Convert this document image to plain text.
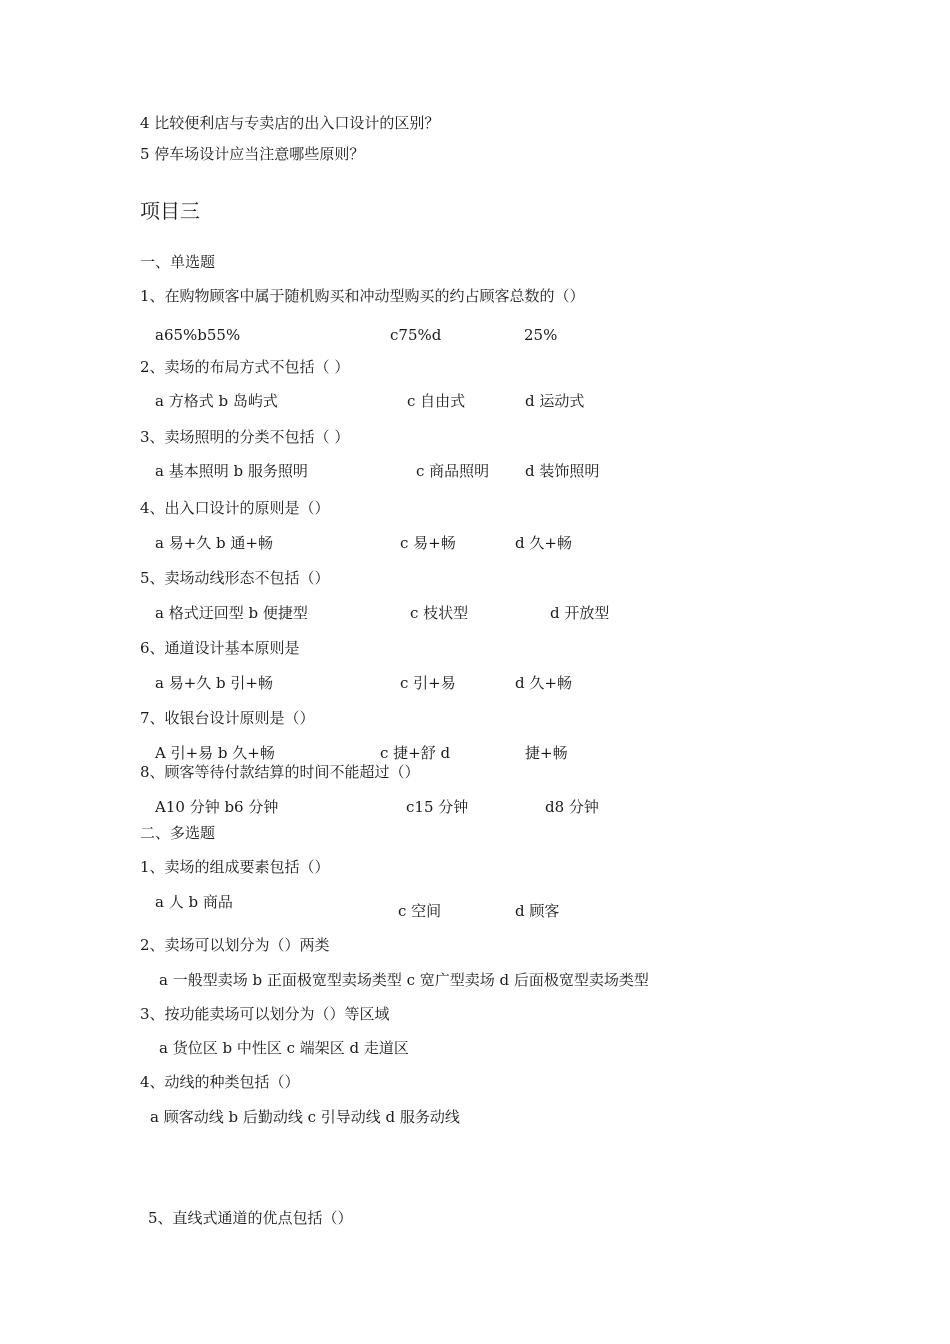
4 比较便利店与专卖店的出入口设计的区别？
5 停车场设计应当注意哪些原则？
项目三
一、单选题
1、在购物顾客中属于随机购买和冲动型购买的约占顾客总数的（）
a65%b55%	c75%d	25%
2、卖场的布局方式不包括（ ）
a 方格式 b 岛屿式	c 自由式	d 运动式
3、卖场照明的分类不包括（ ）
a 基本照明 b 服务照明	c 商品照明 d 装饰照明
4、出入口设计的原则是（）
a 易+久 b 通+畅	c 易+畅	d 久+畅
5、卖场动线形态不包括（）
a 格式迂回型 b 便捷型	c 枝状型	d 开放型
6、通道设计基本原则是
a 易+久 b 引+畅	c 引+易	d 久+畅
7、收银台设计原则是（）
A 引+易 b 久+畅	c 捷+舒 d	捷+畅
8、顾客等待付款结算的时间不能超过（）
A10 分钟 b6 分钟	c15 分钟	d8 分钟
二、多选题
1、卖场的组成要素包括（）
a 人 b 商品	c 空间	d 顾客
2、卖场可以划分为（）两类
a 一般型卖场 b 正面极宽型卖场类型 c 宽广型卖场 d 后面极宽型卖场类型
3、按功能卖场可以划分为（）等区域
a 货位区 b 中性区 c 端架区 d 走道区
4、动线的种类包括（）
a 顾客动线 b 后勤动线 c 引导动线 d 服务动线
5、直线式通道的优点包括（）
